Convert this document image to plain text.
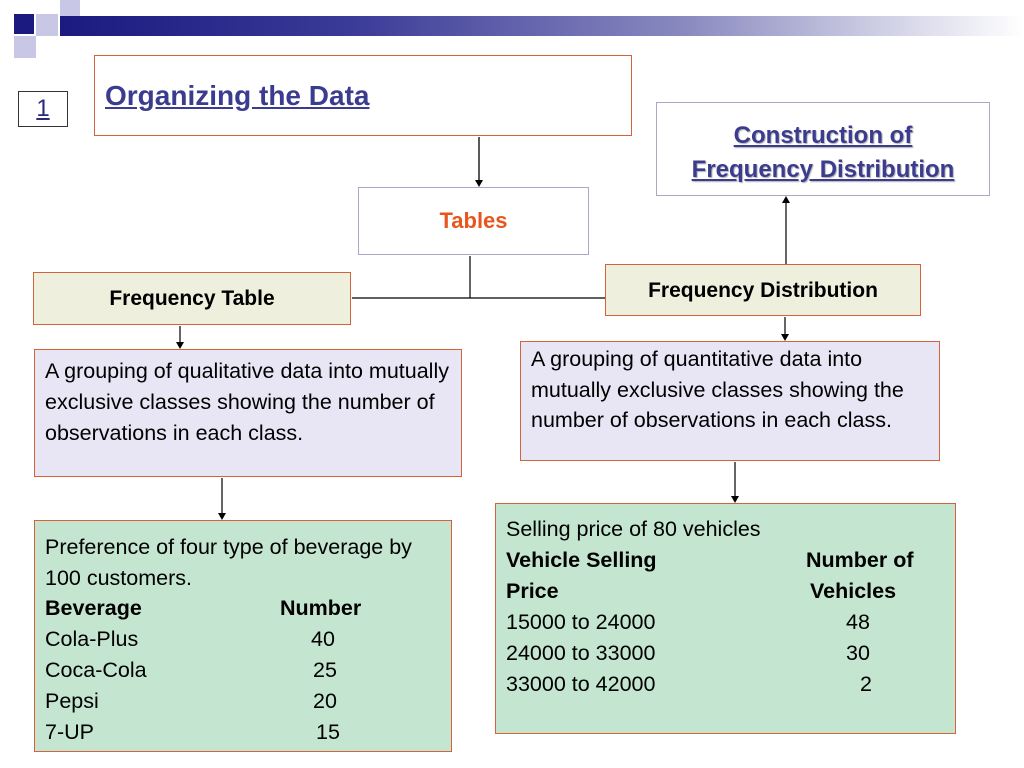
1	Organizing the Data
Construction of
Frequency Distribution
Tables
Frequency Table	Frequency Distribution
A grouping of qualitative data into mutually exclusive classes showing the number of observations in each class.
A grouping of quantitative data into mutually exclusive classes showing the number of observations in each class.
Preference of four type of beverage by 100 customers.
Beverage	Number
Cola-Plus	40
Coca-Cola	25
Pepsi	20
7-UP	15
Selling price of 80 vehicles
Vehicle Selling	Number of
Price	Vehicles
15000 to 24000	48
24000 to 33000	30
33000 to 42000	2
